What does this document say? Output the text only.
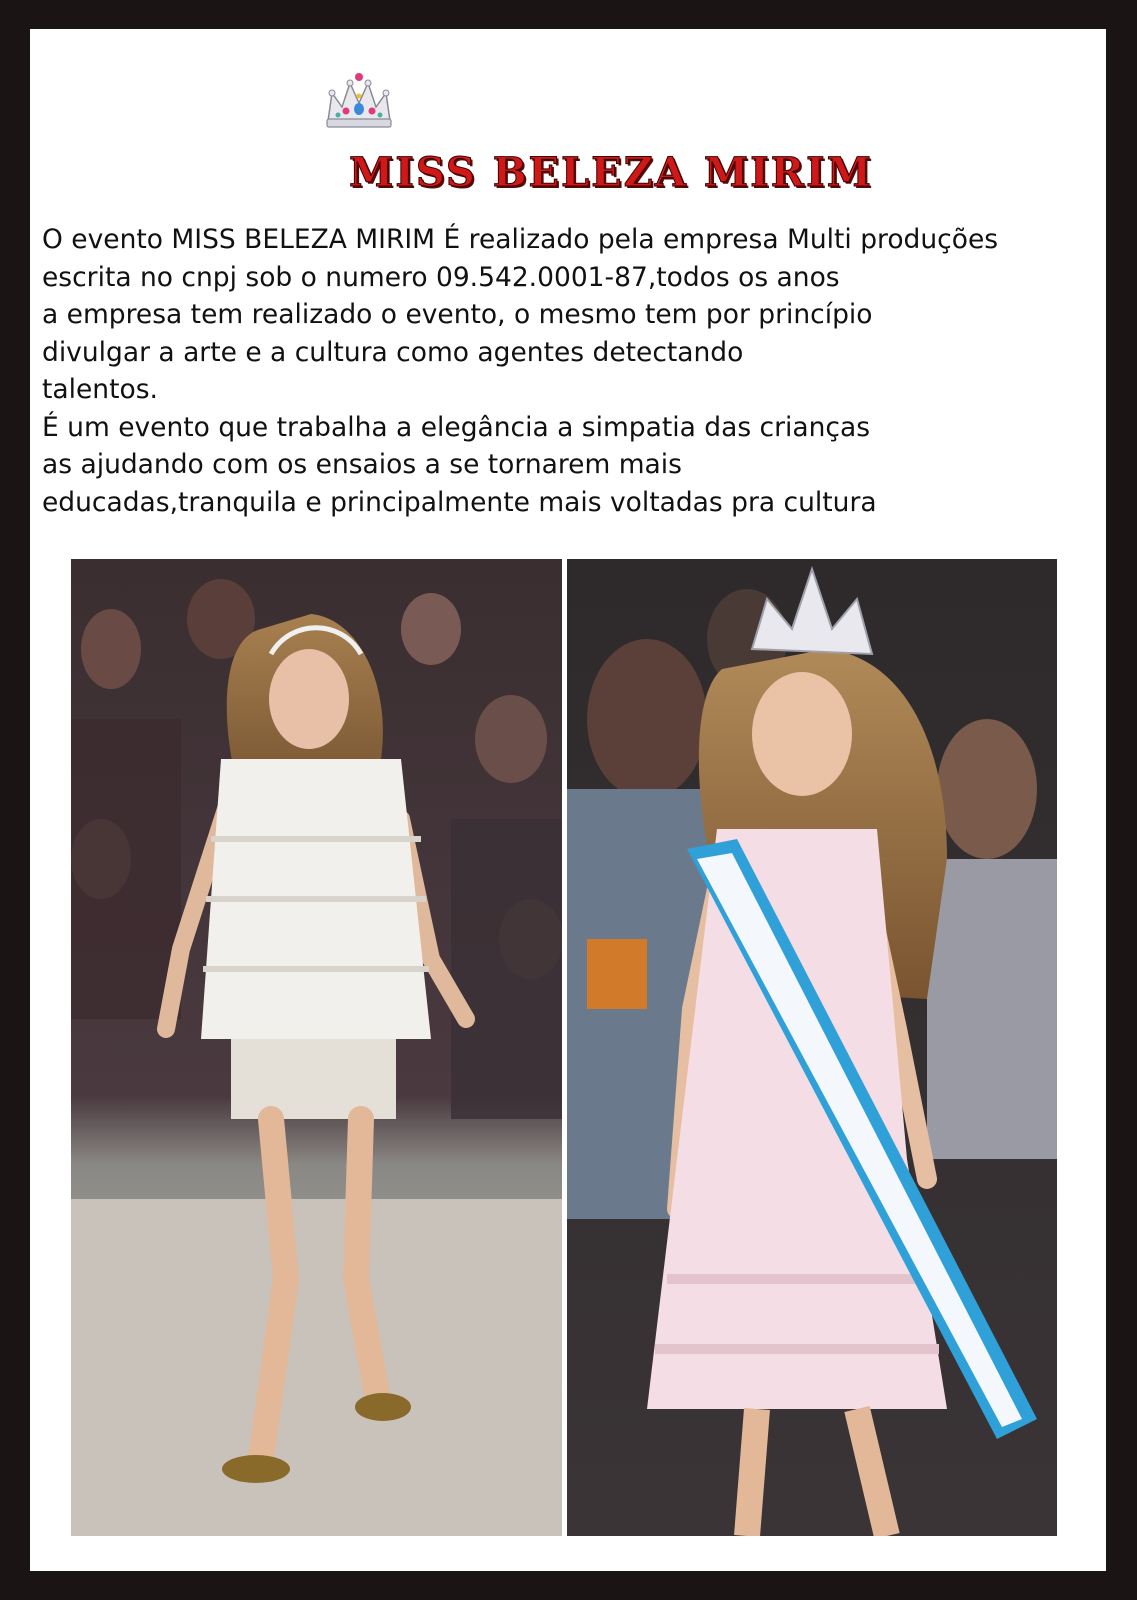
MISS BELEZA MIRIM
O evento MISS BELEZA MIRIM É realizado pela empresa Multi produções
escrita no cnpj sob o numero 09.542.0001-87,todos os anos
a empresa tem realizado o evento, o mesmo tem por princípio
divulgar a arte e a cultura como agentes detectando
talentos.
É um evento que trabalha a elegância a simpatia das crianças
as ajudando com os ensaios a se tornarem mais
educadas,tranquila e principalmente mais voltadas pra cultura
